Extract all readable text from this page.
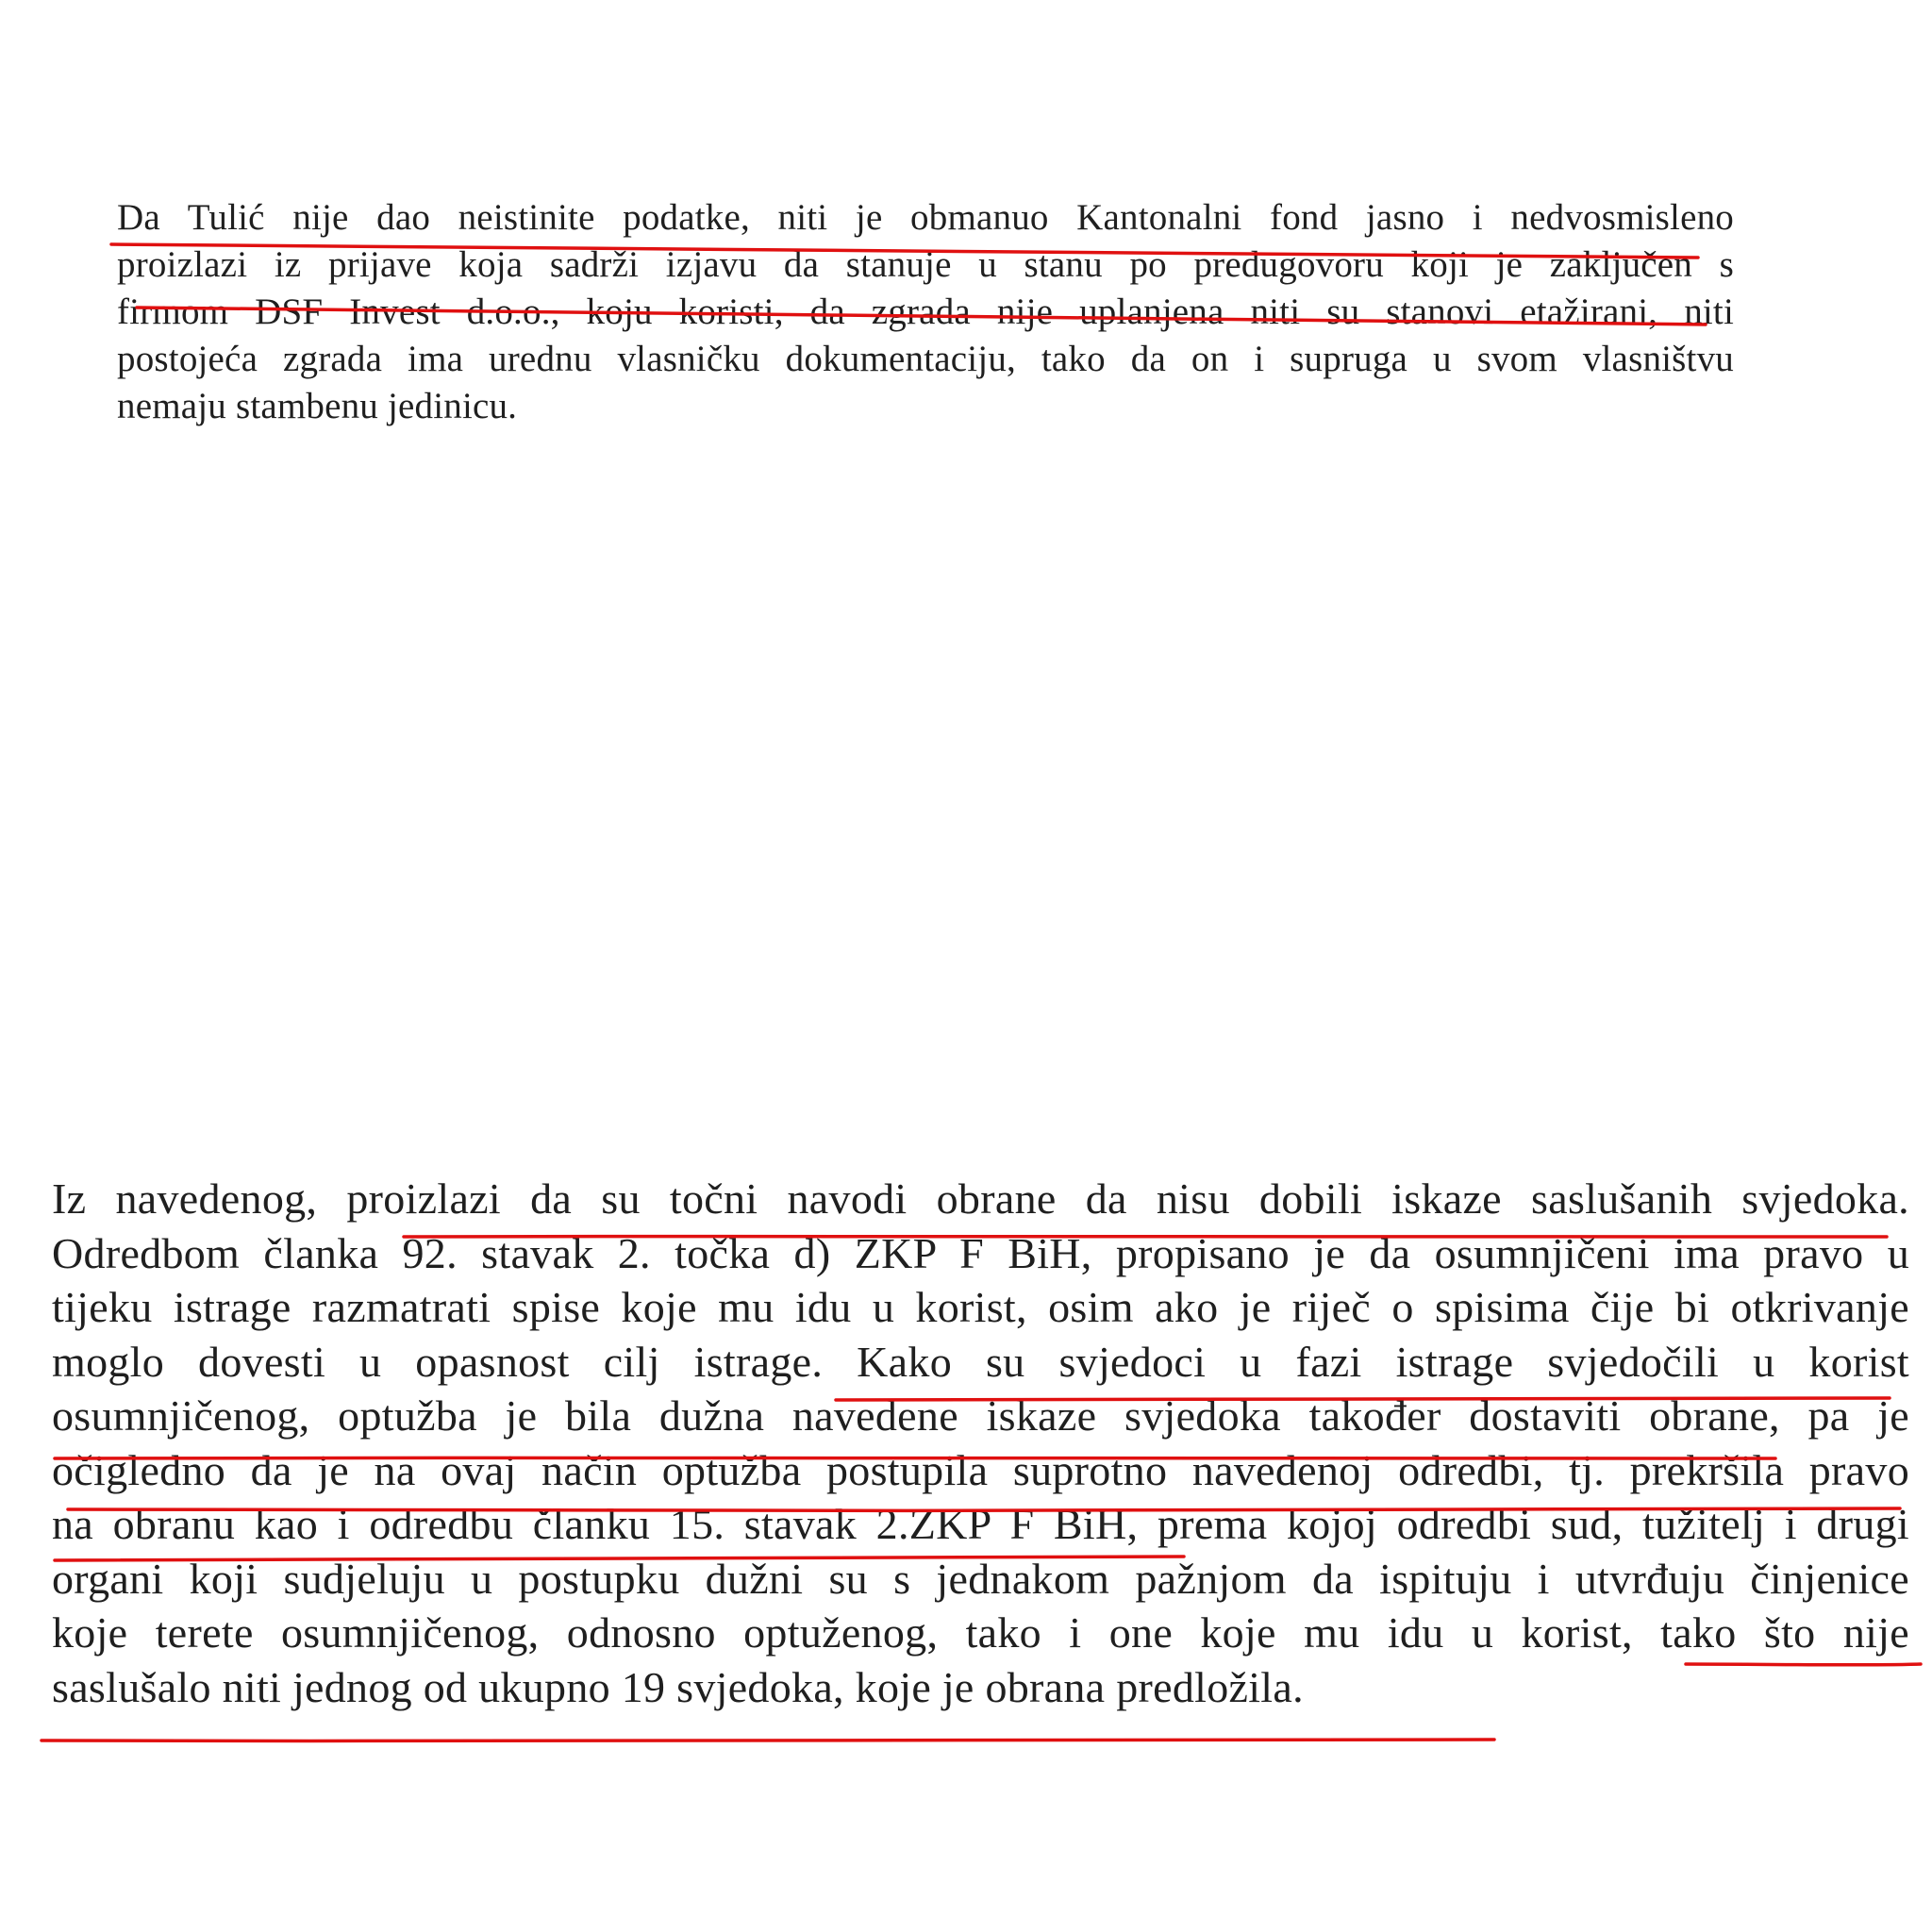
Da Tulić nije dao neistinite podatke, niti je obmanuo Kantonalni fond jasno i nedvosmisleno
proizlazi iz prijave koja sadrži izjavu da stanuje u stanu po predugovoru koji je zaključen s
firmom DSF Invest d.o.o., koju koristi, da zgrada nije uplanjena niti su stanovi etažirani, niti
postojeća zgrada ima urednu vlasničku dokumentaciju, tako da on i supruga u svom vlasništvu
nemaju stambenu jedinicu.
Iz navedenog, proizlazi da su točni navodi obrane da nisu dobili iskaze saslušanih svjedoka.
Odredbom članka 92. stavak 2. točka d) ZKP F BiH, propisano je da osumnjičeni ima pravo u
tijeku istrage razmatrati spise koje mu idu u korist, osim ako je riječ o spisima čije bi otkrivanje
moglo dovesti u opasnost cilj istrage. Kako su svjedoci u fazi istrage svjedočili u korist
osumnjičenog, optužba je bila dužna navedene iskaze svjedoka također dostaviti obrane, pa je
očigledno da je na ovaj način optužba postupila suprotno navedenoj odredbi, tj. prekršila pravo
na obranu kao i odredbu članku 15. stavak 2.ZKP F BiH, prema kojoj odredbi sud, tužitelj i drugi
organi koji sudjeluju u postupku dužni su s jednakom pažnjom da ispituju i utvrđuju činjenice
koje terete osumnjičenog, odnosno optuženog, tako i one koje mu idu u korist, tako što nije
saslušalo niti jednog od ukupno 19 svjedoka, koje je obrana predložila.
